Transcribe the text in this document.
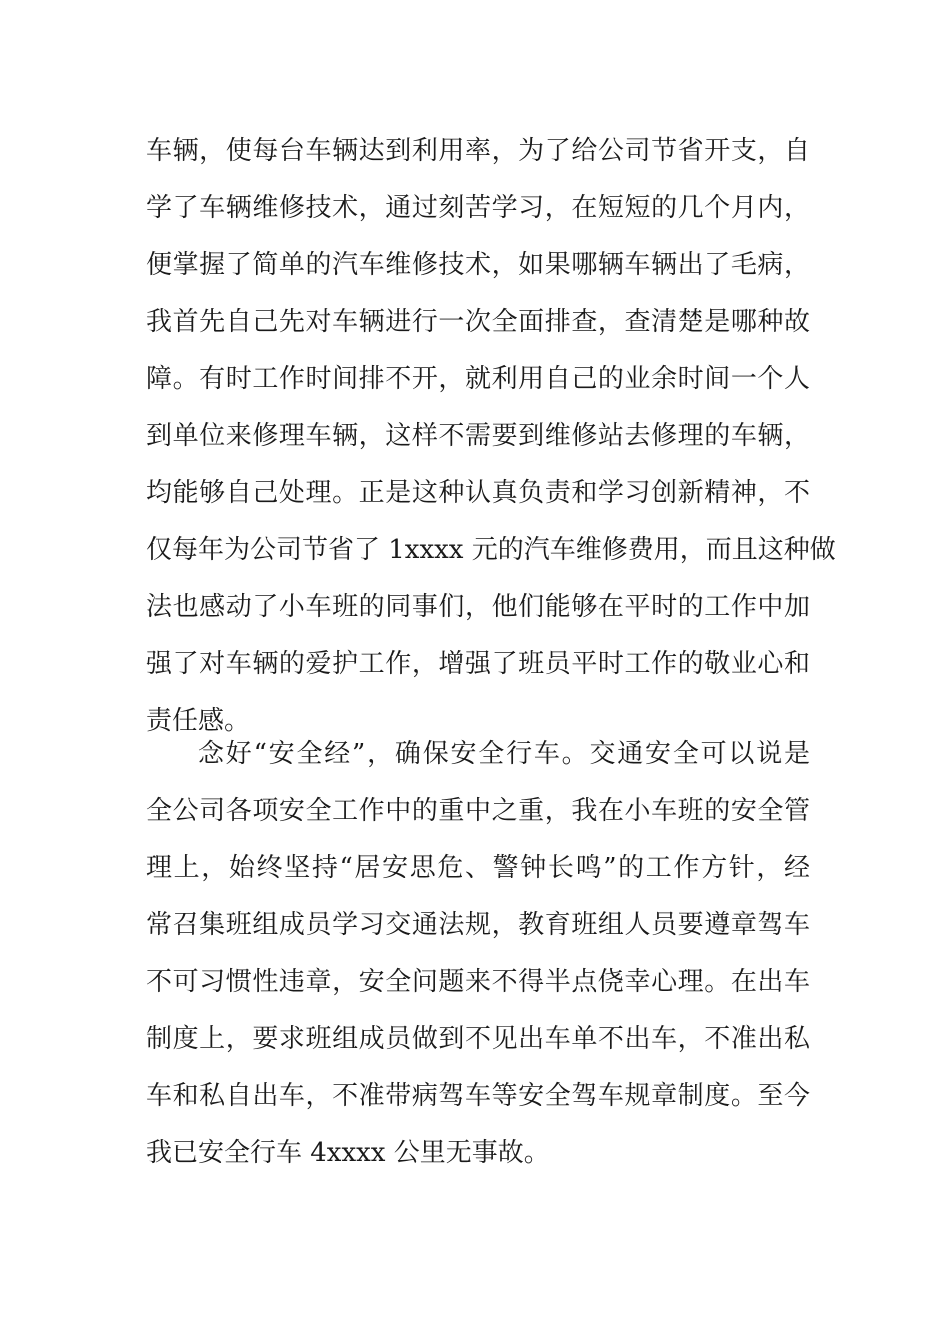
车辆，使每台车辆达到利用率，为了给公司节省开支，自
学了车辆维修技术，通过刻苦学习，在短短的几个月内，
便掌握了简单的汽车维修技术，如果哪辆车辆出了毛病，
我首先自己先对车辆进行一次全面排查，查清楚是哪种故
障。有时工作时间排不开，就利用自己的业余时间一个人
到单位来修理车辆，这样不需要到维修站去修理的车辆，
均能够自己处理。正是这种认真负责和学习创新精神，不
仅每年为公司节省了 1xxxx 元的汽车维修费用，而且这种做
法也感动了小车班的同事们，他们能够在平时的工作中加
强了对车辆的爱护工作，增强了班员平时工作的敬业心和
责任感。
念好“安全经”，确保安全行车。交通安全可以说是
全公司各项安全工作中的重中之重，我在小车班的安全管
理上，始终坚持“居安思危、警钟长鸣”的工作方针，经
常召集班组成员学习交通法规，教育班组人员要遵章驾车
不可习惯性违章，安全问题来不得半点侥幸心理。在出车
制度上，要求班组成员做到不见出车单不出车，不准出私
车和私自出车，不准带病驾车等安全驾车规章制度。至今
我已安全行车 4xxxx 公里无事故。
